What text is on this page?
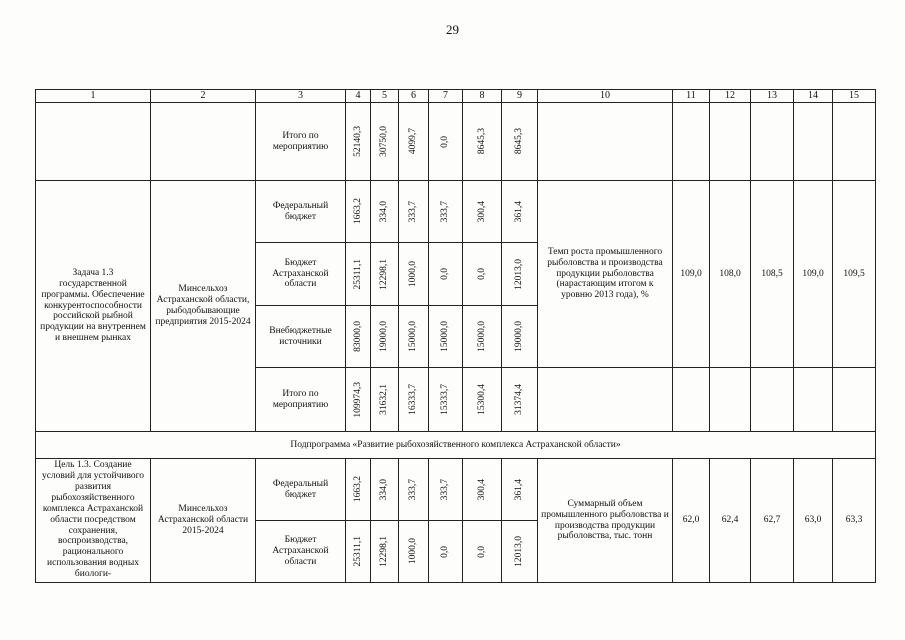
29
1	2	3	4	5	6	7	8	9	10	11	12	13	14	15

		Итого по мероприятию	52140,3	30750,0	4099,7	0,0	8645,3	8645,3						

Задача 1.3 государственной программы. Обеспечение конкурентоспособности российской рыбной продукции на внутреннем и внешнем рынках	Минсельхоз Астраханской области, рыбодобывающие предприятия 2015-2024	Федеральный бюджет	1663,2	334,0	333,7	333,7	300,4	361,4	Темп роста промышленного рыболовства и производства продукции рыболовства (нарастающим итогом к уровню 2013 года), %	109,0	108,0	108,5	109,0	109,5

		Бюджет Астраханской области	25311,1	12298,1	1000,0	0,0	0,0	12013,0						

		Внебюджетные источники	83000,0	19000,0	15000,0	15000,0	15000,0	19000,0						

		Итого по мероприятию	109974,3	31632,1	16333,7	15333,7	15300,4	31374,4						

Подпрограмма «Развитие рыбохозяйственного комплекса Астраханской области»														

Цель 1.3. Создание условий для устойчивого развития рыбохозяйственного комплекса Астраханской области посредством сохранения, воспроизводства, рационального использования водных биологи-	Минсельхоз Астраханской области 2015-2024	Федеральный бюджет	1663,2	334,0	333,7	333,7	300,4	361,4	Суммарный объем промышленного рыболовства и производства продукции рыболовства, тыс. тонн	62,0	62,4	62,7	63,0	63,3

		Бюджет Астраханской области	25311,1	12298,1	1000,0	0,0	0,0	12013,0						
